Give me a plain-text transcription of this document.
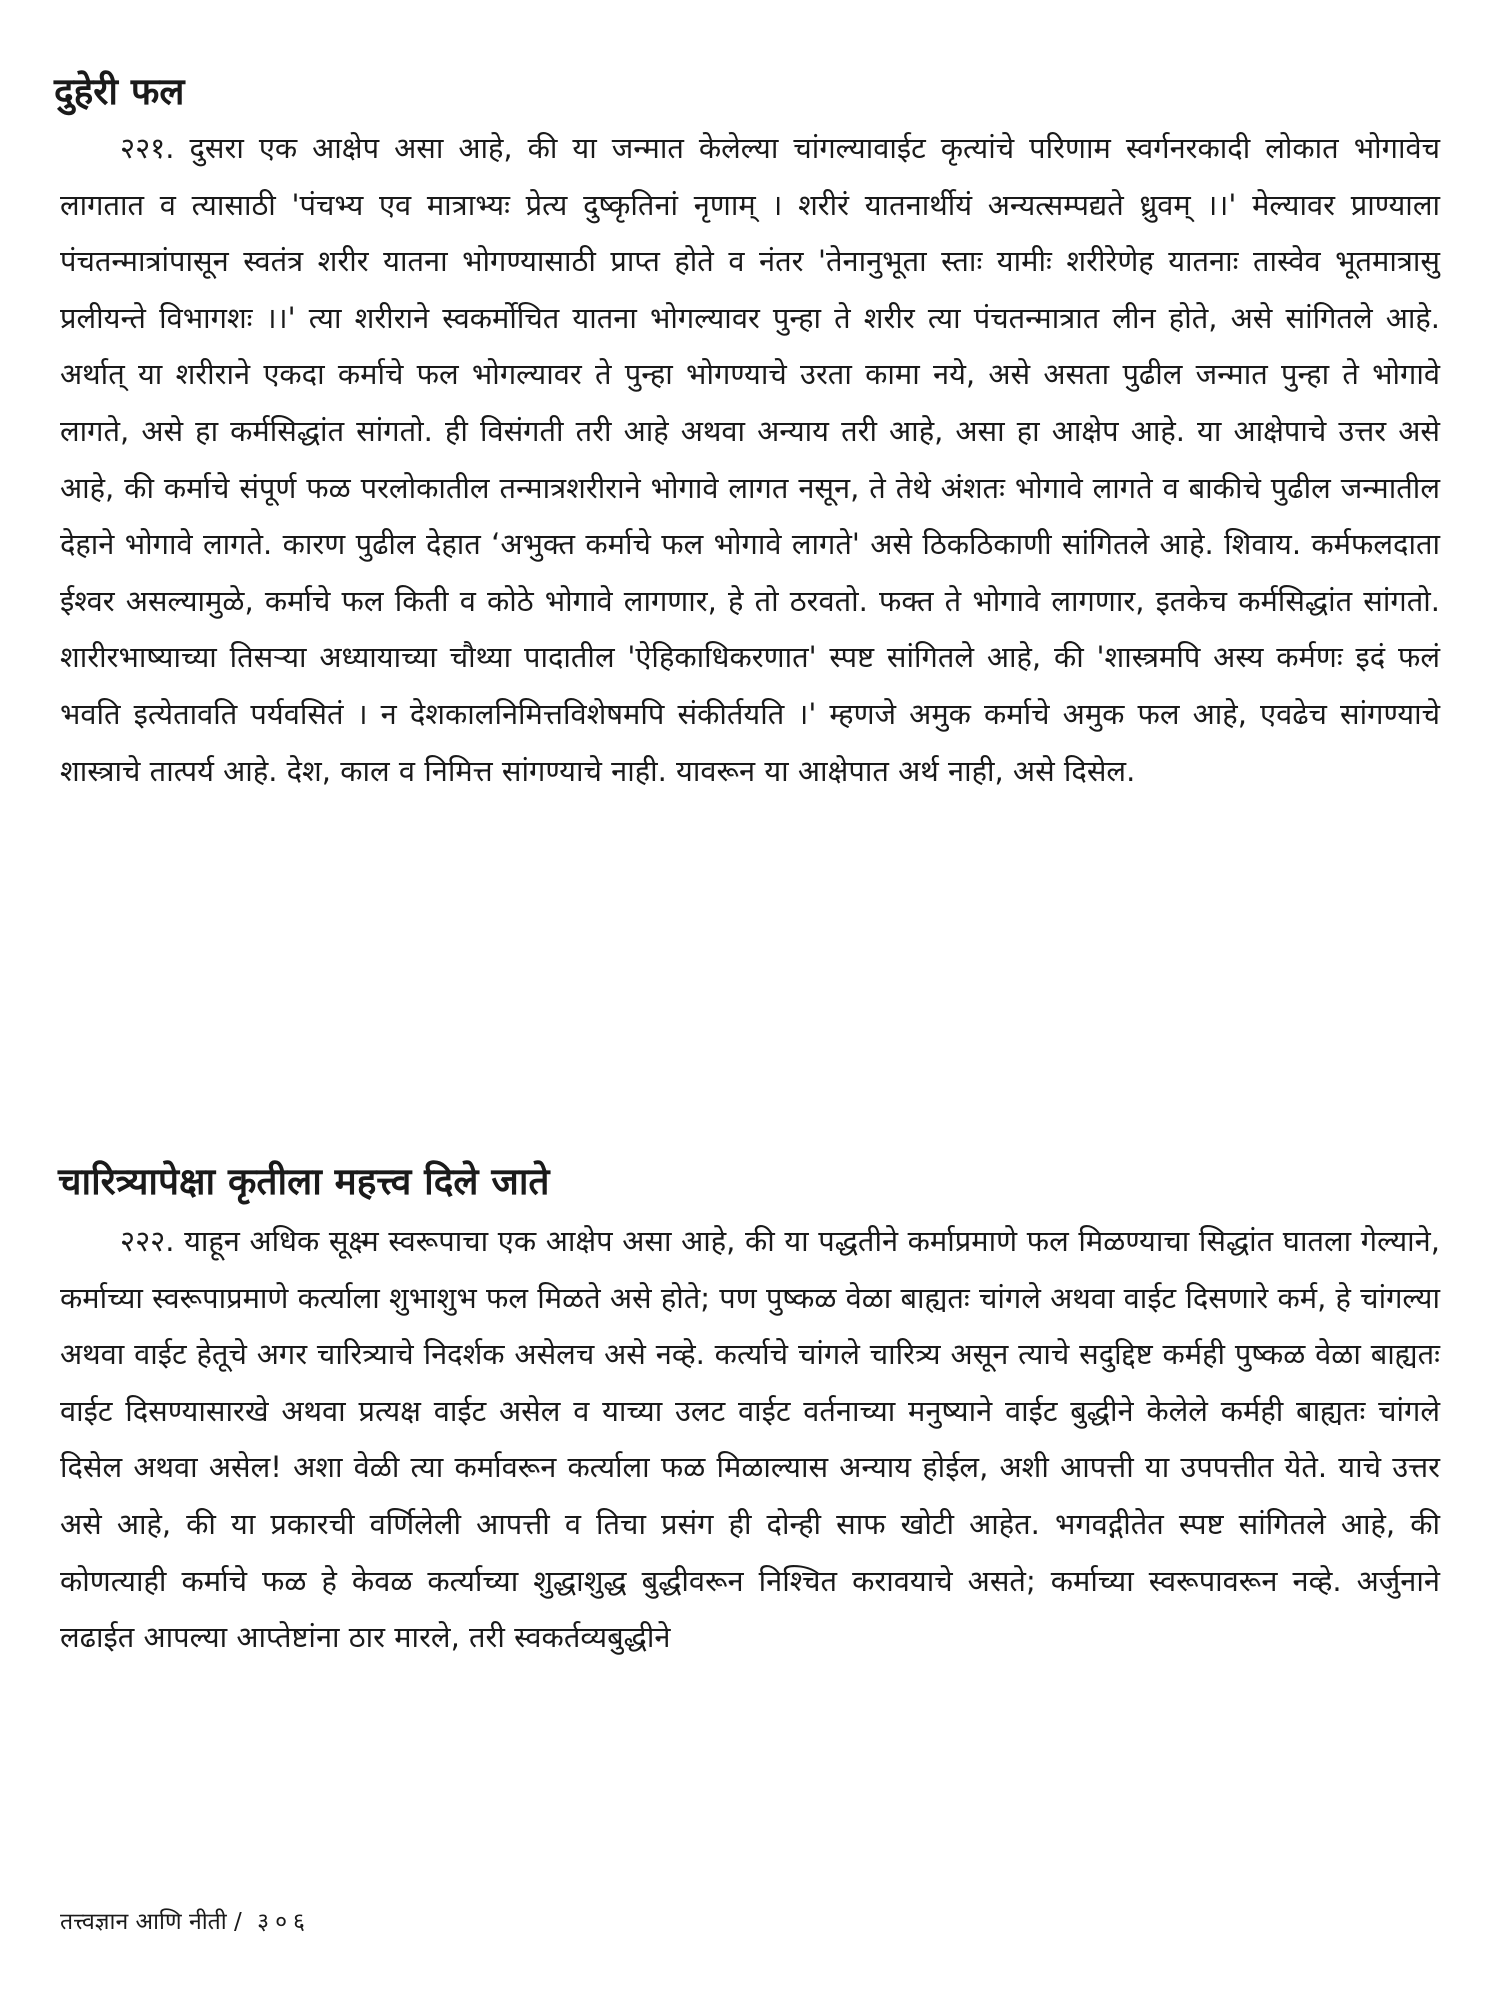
दुहेरी फल

२२१. दुसरा एक आक्षेप असा आहे, की या जन्मात केलेल्या चांगल्यावाईट कृत्यांचे परिणाम स्वर्गनरकादी लोकात भोगावेच लागतात व त्यासाठी 'पंचभ्य एव मात्राभ्यः प्रेत्य दुष्कृतिनां नृणाम् । शरीरं यातनार्थीयं अन्यत्सम्पद्यते ध्रुवम् ।।' मेल्यावर प्राण्याला पंचतन्मात्रांपासून स्वतंत्र शरीर यातना भोगण्यासाठी प्राप्त होते व नंतर 'तेनानुभूता स्ताः यामीः शरीरेणेह यातनाः तास्वेव भूतमात्रासु प्रलीयन्ते विभागशः ।।' त्या शरीराने स्वकर्मोचित यातना भोगल्यावर पुन्हा ते शरीर त्या पंचतन्मात्रात लीन होते, असे सांगितले आहे. अर्थात् या शरीराने एकदा कर्माचे फल भोगल्यावर ते पुन्हा भोगण्याचे उरता कामा नये, असे असता पुढील जन्मात पुन्हा ते भोगावे लागते, असे हा कर्मसिद्धांत सांगतो. ही विसंगती तरी आहे अथवा अन्याय तरी आहे, असा हा आक्षेप आहे. या आक्षेपाचे उत्तर असे आहे, की कर्माचे संपूर्ण फळ परलोकातील तन्मात्रशरीराने भोगावे लागत नसून, ते तेथे अंशतः भोगावे लागते व बाकीचे पुढील जन्मातील देहाने भोगावे लागते. कारण पुढील देहात ‘अभुक्त कर्माचे फल भोगावे लागते' असे ठिकठिकाणी सांगितले आहे. शिवाय. कर्मफलदाता ईश्वर असल्यामुळे, कर्माचे फल किती व कोठे भोगावे लागणार, हे तो ठरवतो. फक्त ते भोगावे लागणार, इतकेच कर्मसिद्धांत सांगतो. शारीरभाष्याच्या तिसऱ्या अध्यायाच्या चौथ्या पादातील 'ऐहिकाधिकरणात' स्पष्ट सांगितले आहे, की 'शास्त्रमपि अस्य कर्मणः इदं फलं भवति इत्येतावति पर्यवसितं । न देशकालनिमित्तविशेषमपि संकीर्तयति ।' म्हणजे अमुक कर्माचे अमुक फल आहे, एवढेच सांगण्याचे शास्त्राचे तात्पर्य आहे. देश, काल व निमित्त सांगण्याचे नाही. यावरून या आक्षेपात अर्थ नाही, असे दिसेल.

चारित्र्यापेक्षा कृतीला महत्त्व दिले जाते

२२२. याहून अधिक सूक्ष्म स्वरूपाचा एक आक्षेप असा आहे, की या पद्धतीने कर्माप्रमाणे फल मिळण्याचा सिद्धांत घातला गेल्याने, कर्माच्या स्वरूपाप्रमाणे कर्त्याला शुभाशुभ फल मिळते असे होते; पण पुष्कळ वेळा बाह्यतः चांगले अथवा वाईट दिसणारे कर्म, हे चांगल्या अथवा वाईट हेतूचे अगर चारित्र्याचे निदर्शक असेलच असे नव्हे. कर्त्याचे चांगले चारित्र्य असून त्याचे सदुद्दिष्ट कर्मही पुष्कळ वेळा बाह्यतः वाईट दिसण्यासारखे अथवा प्रत्यक्ष वाईट असेल व याच्या उलट वाईट वर्तनाच्या मनुष्याने वाईट बुद्धीने केलेले कर्मही बाह्यतः चांगले दिसेल अथवा असेल! अशा वेळी त्या कर्मावरून कर्त्याला फळ मिळाल्यास अन्याय होईल, अशी आपत्ती या उपपत्तीत येते. याचे उत्तर असे आहे, की या प्रकारची वर्णिलेली आपत्ती व तिचा प्रसंग ही दोन्ही साफ खोटी आहेत. भगवद्गीतेत स्पष्ट सांगितले आहे, की कोणत्याही कर्माचे फळ हे केवळ कर्त्याच्या शुद्धाशुद्ध बुद्धीवरून निश्चित करावयाचे असते; कर्माच्या स्वरूपावरून नव्हे. अर्जुनाने लढाईत आपल्या आप्तेष्टांना ठार मारले, तरी स्वकर्तव्यबुद्धीने

तत्त्वज्ञान आणि नीती / ३०६
